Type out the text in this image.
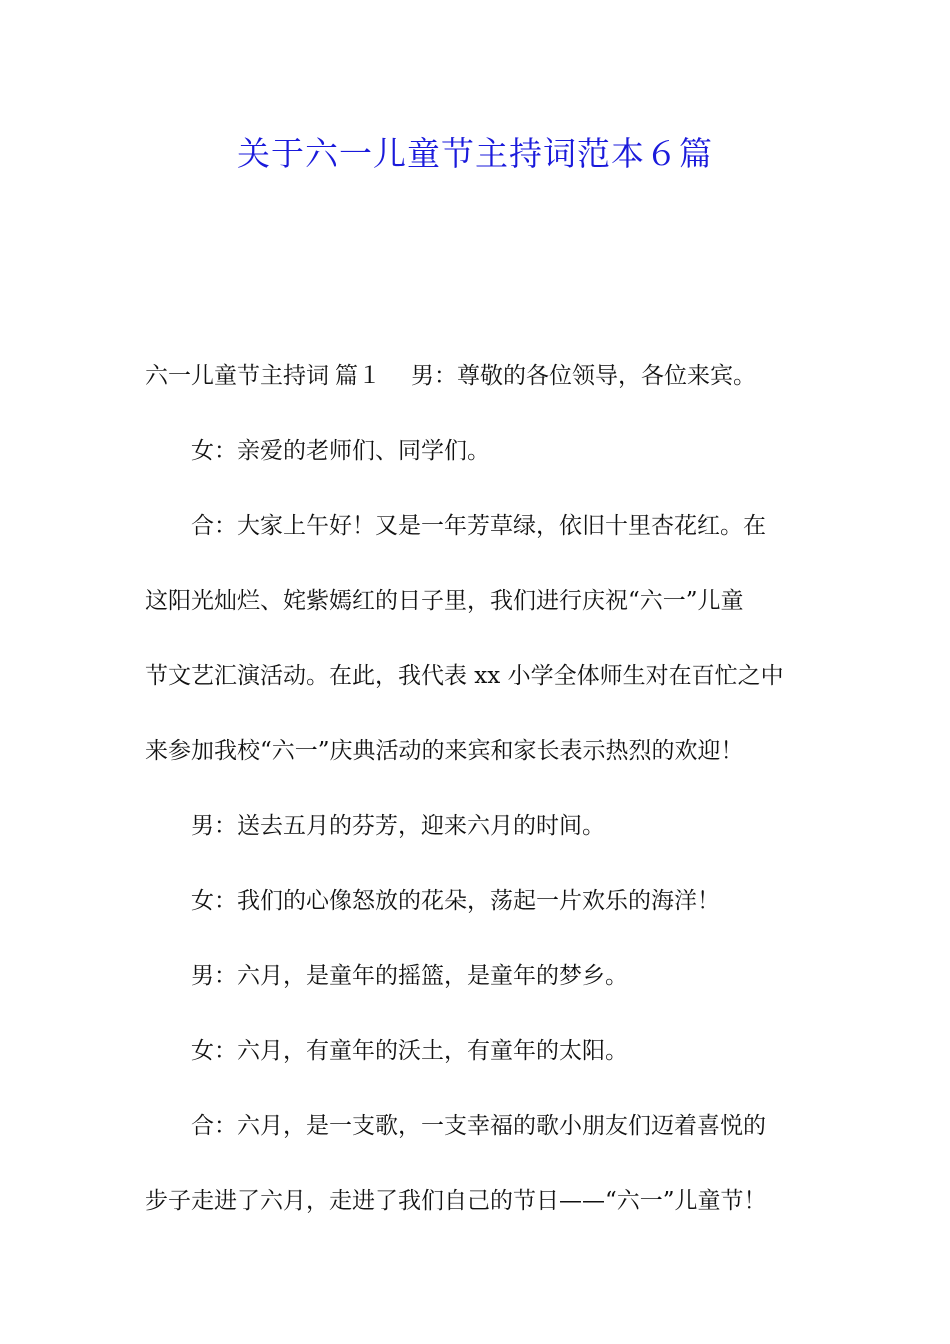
关于六一儿童节主持词范本６篇

六一儿童节主持词 篇１ 男：尊敬的各位领导，各位来宾。

女：亲爱的老师们、同学们。

合：大家上午好！又是一年芳草绿，依旧十里杏花红。在

这阳光灿烂、姹紫嫣红的日子里，我们进行庆祝“六一”儿童

节文艺汇演活动。在此，我代表 xx 小学全体师生对在百忙之中

来参加我校“六一”庆典活动的来宾和家长表示热烈的欢迎！

男：送去五月的芬芳，迎来六月的时间。

女：我们的心像怒放的花朵，荡起一片欢乐的海洋！

男：六月，是童年的摇篮，是童年的梦乡。

女：六月，有童年的沃土，有童年的太阳。

合：六月，是一支歌，一支幸福的歌小朋友们迈着喜悦的

步子走进了六月，走进了我们自己的节日——“六一”儿童节！
